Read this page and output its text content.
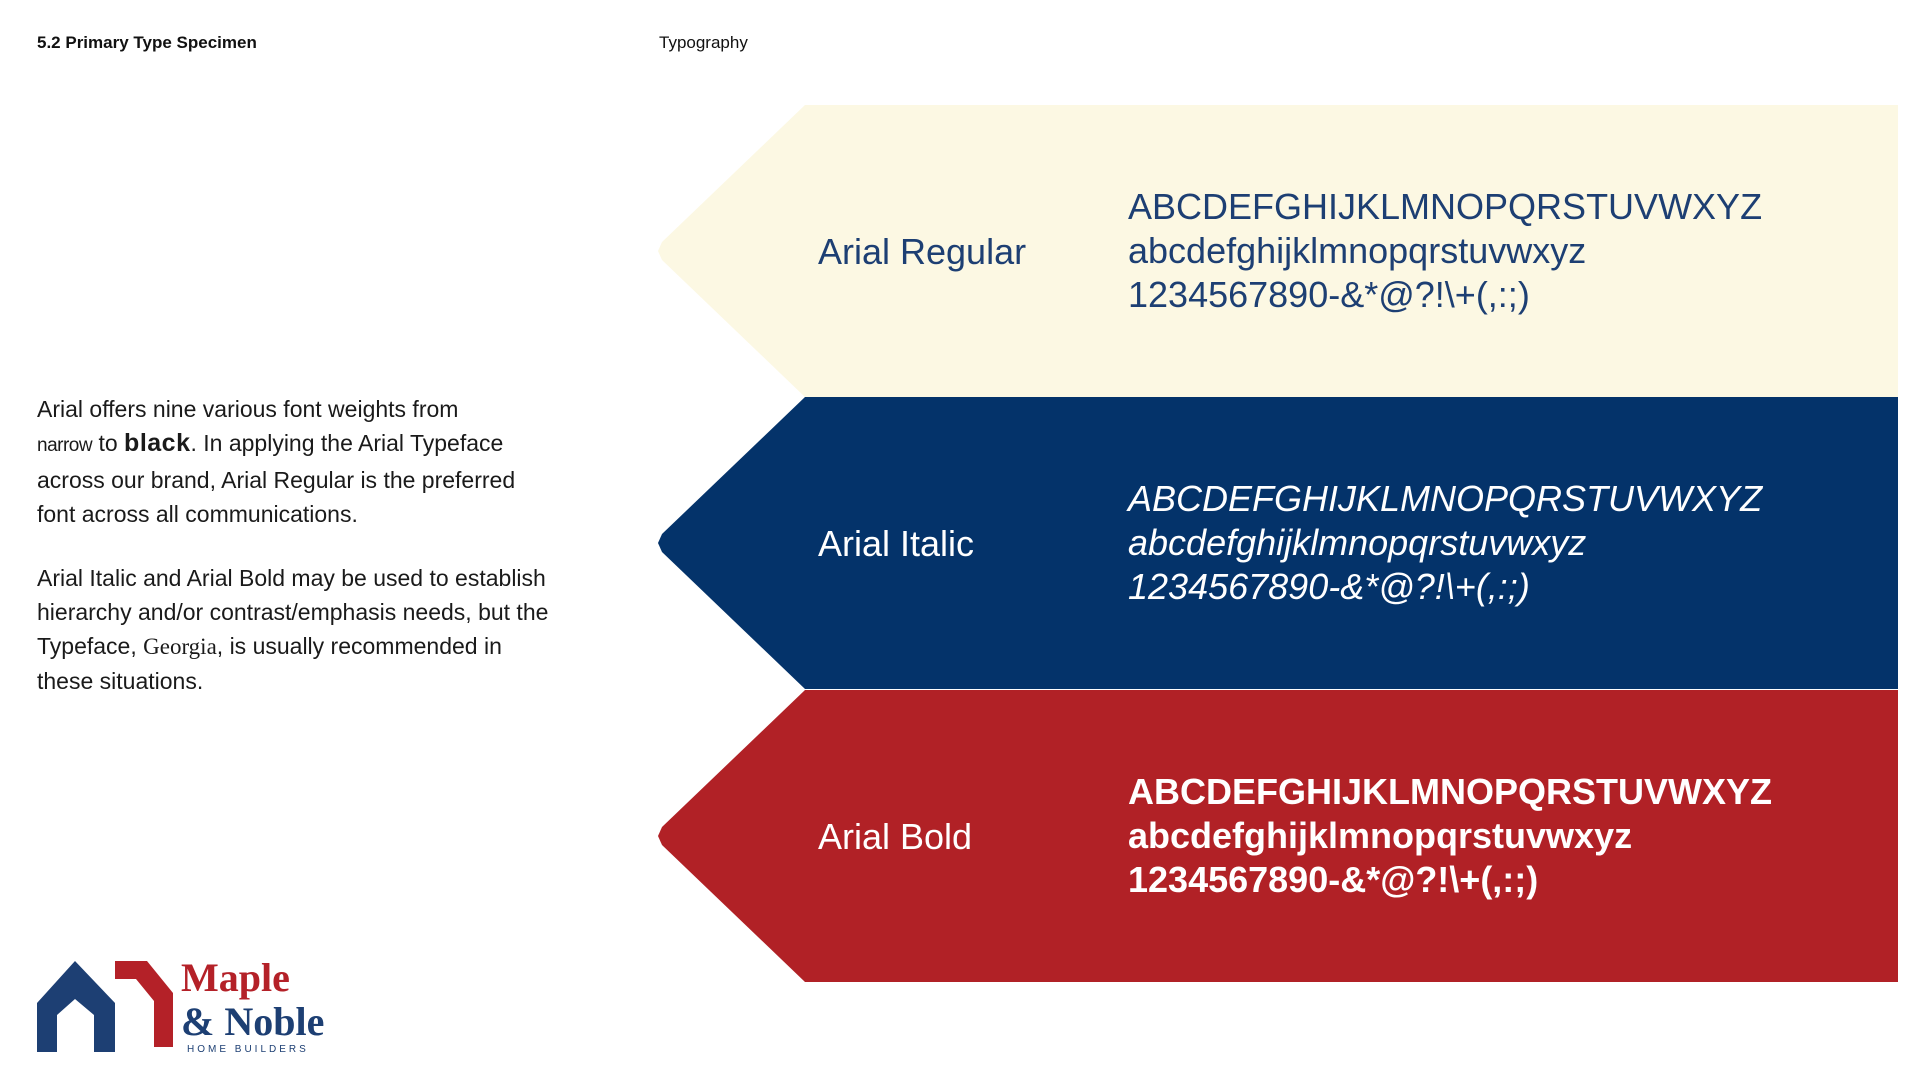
5.2 Primary Type Specimen	Typography

Arial offers nine various font weights from
narrow to black. In applying the Arial Typeface across our brand, Arial Regular is the preferred font across all communications.

Arial Italic and Arial Bold may be used to establish hierarchy and/or contrast/emphasis needs, but the Typeface, Georgia, is usually recommended in these situations.

Arial Regular
ABCDEFGHIJKLMNOPQRSTUVWXYZ
abcdefghijklmnopqrstuvwxyz
1234567890-&*@?!\+(,:;)
Arial Italic
ABCDEFGHIJKLMNOPQRSTUVWXYZ
abcdefghijklmnopqrstuvwxyz
1234567890-&*@?!\+(,:;)
Arial Bold
ABCDEFGHIJKLMNOPQRSTUVWXYZ
abcdefghijklmnopqrstuvwxyz
1234567890-&*@?!\+(,:;)
Maple
& Noble
HOME BUILDERS
